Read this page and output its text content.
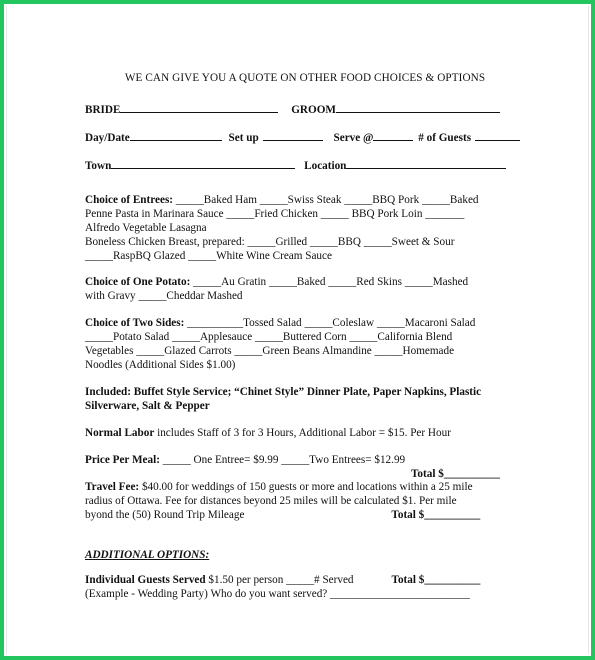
WE CAN GIVE YOU A QUOTE ON OTHER FOOD CHOICES & OPTIONS

BRIDE	GROOM

Day/Date	Set up	Serve @	# of Guests

Town	Location

Choice of Entrees: _____Baked Ham _____Swiss Steak _____BBQ Pork _____Baked

Penne Pasta in Marinara Sauce _____Fried Chicken _____ BBQ Pork Loin _______

Alfredo Vegetable Lasagna

Boneless Chicken Breast, prepared: _____Grilled _____BBQ _____Sweet & Sour

_____RaspBQ Glazed _____White Wine Cream Sauce

Choice of One Potato: _____Au Gratin _____Baked _____Red Skins _____Mashed

with Gravy _____Cheddar Mashed

Choice of Two Sides: __________Tossed Salad _____Coleslaw _____Macaroni Salad

_____Potato Salad _____Applesauce _____Buttered Corn _____California Blend

Vegetables _____Glazed Carrots _____Green Beans Almandine _____Homemade

Noodles (Additional Sides $1.00)

Included: Buffet Style Service; “Chinet Style” Dinner Plate, Paper Napkins, Plastic

Silverware, Salt & Pepper

Normal Labor includes Staff of 3 for 3 Hours, Additional Labor = $15. Per Hour

Price Per Meal: _____ One Entree= $9.99 _____Two Entrees= $12.99

Total $__________

Travel Fee: $40.00 for weddings of 150 guests or more and locations within a 25 mile

radius of Ottawa. Fee for distances beyond 25 miles will be calculated $1. Per mile

byond the (50) Round Trip Mileage	Total $__________

ADDITIONAL OPTIONS:

Individual Guests Served $1.50 per person _____# Served	Total $__________

(Example - Wedding Party) Who do you want served? _________________________
